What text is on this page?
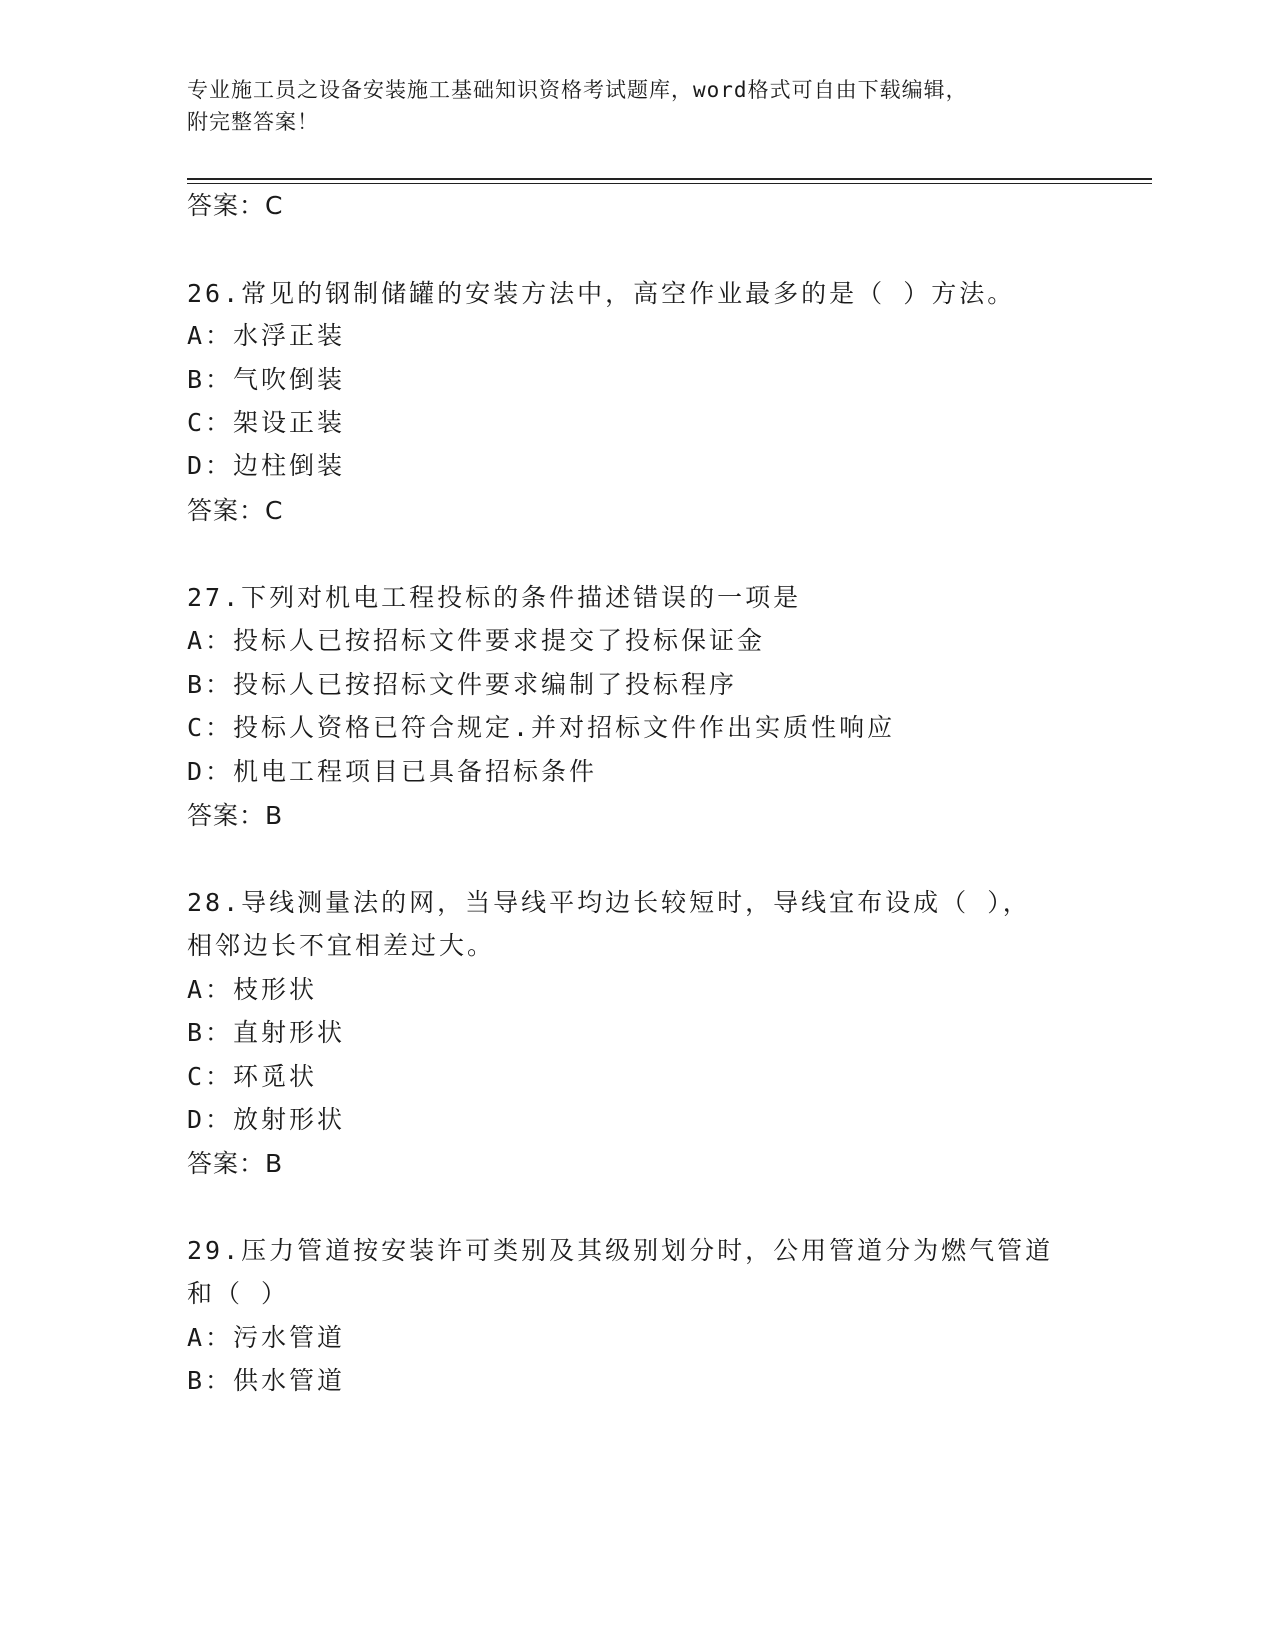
专业施工员之设备安装施工基础知识资格考试题库，word格式可自由下载编辑，
附完整答案！
答案：C
26.常见的钢制储罐的安装方法中，高空作业最多的是（ ）方法。
A：水浮正装
B：气吹倒装
C：架设正装
D：边柱倒装
答案：C
27.下列对机电工程投标的条件描述错误的一项是
A：投标人已按招标文件要求提交了投标保证金
B：投标人已按招标文件要求编制了投标程序
C：投标人资格已符合规定.并对招标文件作出实质性响应
D：机电工程项目已具备招标条件
答案：B
28.导线测量法的网，当导线平均边长较短时，导线宜布设成（ ），
相邻边长不宜相差过大。
A：枝形状
B：直射形状
C：环觅状
D：放射形状
答案：B
29.压力管道按安装许可类别及其级别划分时，公用管道分为燃气管道
和（ ）
A：污水管道
B：供水管道
